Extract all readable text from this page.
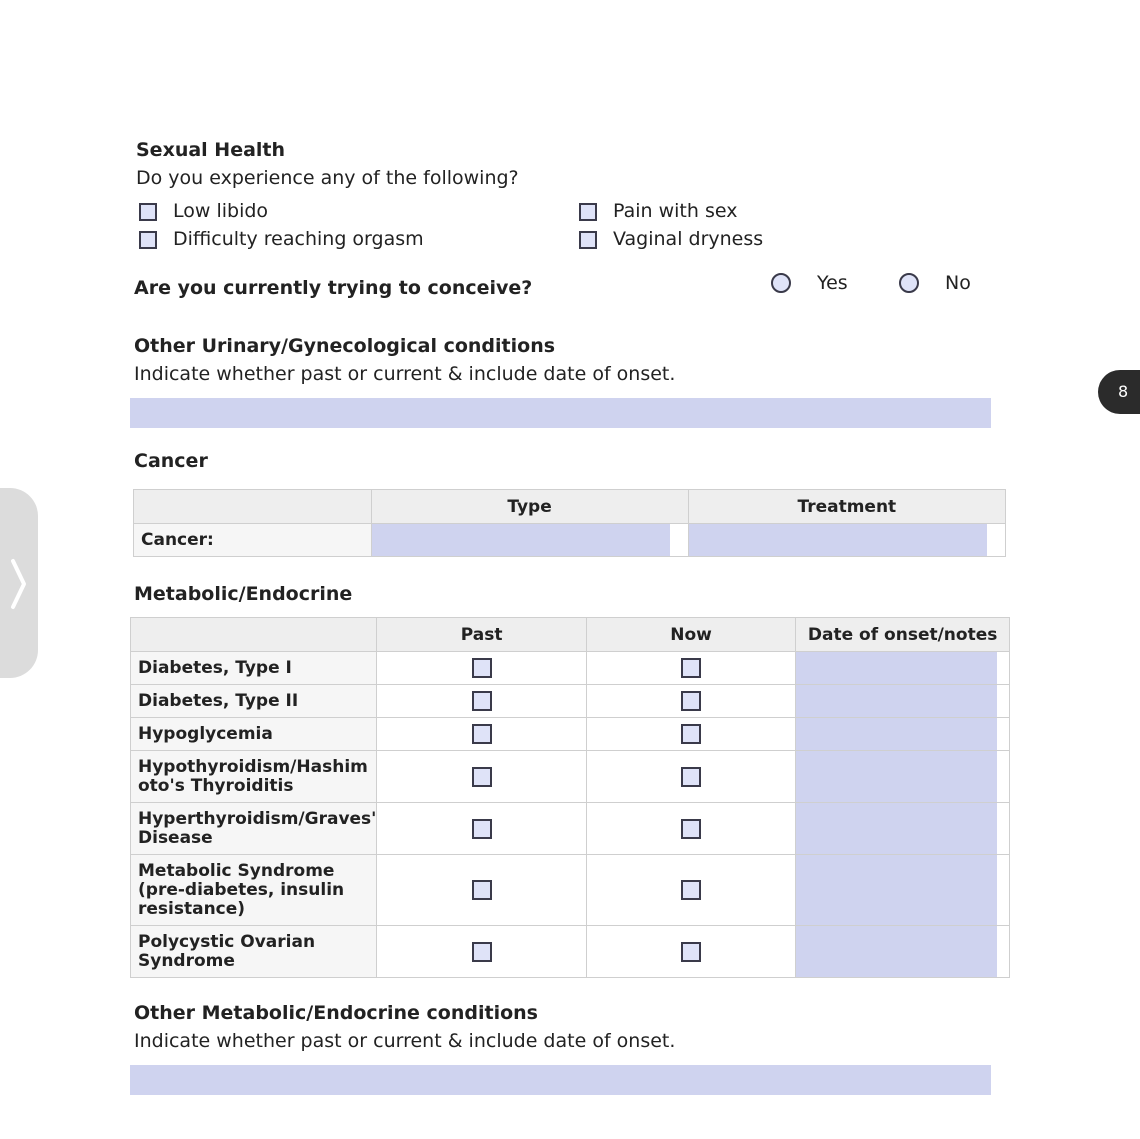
8
Sexual Health
Do you experience any of the following?
Low libido
Difficulty reaching orgasm
Pain with sex
Vaginal dryness
Are you currently trying to conceive?	Yes	No
Other Urinary/Gynecological conditions
Indicate whether past or current & include date of onset.
Cancer
	Type	Treatment
Cancer:	

Metabolic/Endocrine
	Past	Now	Date of onset/notes
Diabetes, Type I			

Diabetes, Type II			

Hypoglycemia			

Hypothyroidism/Hashimoto's Thyroiditis			

Hyperthyroidism/Graves' Disease			

Metabolic Syndrome (pre-diabetes, insulin resistance)			

Polycystic Ovarian Syndrome			
Other Metabolic/Endocrine conditions
Indicate whether past or current & include date of onset.
